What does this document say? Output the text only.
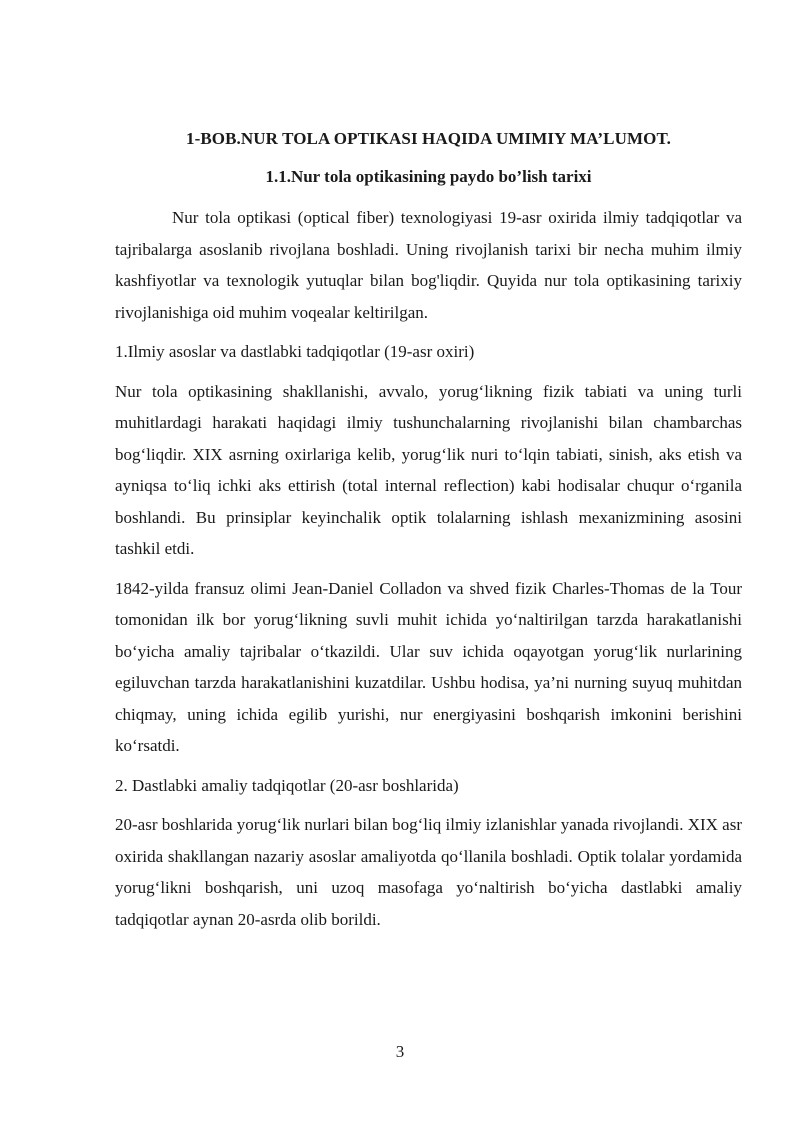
1-BOB.NUR TOLA OPTIKASI HAQIDA UMIMIY MA’LUMOT.
1.1.Nur tola optikasining paydo bo’lish tarixi

Nur tola optikasi (optical fiber) texnologiyasi 19-asr oxirida ilmiy tadqiqotlar va tajribalarga asoslanib rivojlana boshladi. Uning rivojlanish tarixi bir necha muhim ilmiy kashfiyotlar va texnologik yutuqlar bilan bog'liqdir. Quyida nur tola optikasining tarixiy rivojlanishiga oid muhim voqealar keltirilgan.

1.Ilmiy asoslar va dastlabki tadqiqotlar (19-asr oxiri)

Nur tola optikasining shakllanishi, avvalo, yorug‘likning fizik tabiati va uning turli muhitlardagi harakati haqidagi ilmiy tushunchalarning rivojlanishi bilan chambarchas bog‘liqdir. XIX asrning oxirlariga kelib, yorug‘lik nuri to‘lqin tabiati, sinish, aks etish va ayniqsa to‘liq ichki aks ettirish (total internal reflection) kabi hodisalar chuqur o‘rganila boshlandi. Bu prinsiplar keyinchalik optik tolalarning ishlash mexanizmining asosini tashkil etdi.

1842-yilda fransuz olimi Jean-Daniel Colladon va shved fizik Charles-Thomas de la Tour tomonidan ilk bor yorug‘likning suvli muhit ichida yo‘naltirilgan tarzda harakatlanishi bo‘yicha amaliy tajribalar o‘tkazildi. Ular suv ichida oqayotgan yorug‘lik nurlarining egiluvchan tarzda harakatlanishini kuzatdilar. Ushbu hodisa, ya’ni nurning suyuq muhitdan chiqmay, uning ichida egilib yurishi, nur energiyasini boshqarish imkonini berishini ko‘rsatdi.

2. Dastlabki amaliy tadqiqotlar (20-asr boshlarida)

20-asr boshlarida yorug‘lik nurlari bilan bog‘liq ilmiy izlanishlar yanada rivojlandi. XIX asr oxirida shakllangan nazariy asoslar amaliyotda qo‘llanila boshladi. Optik tolalar yordamida yorug‘likni boshqarish, uni uzoq masofaga yo‘naltirish bo‘yicha dastlabki amaliy tadqiqotlar aynan 20-asrda olib borildi.

3
